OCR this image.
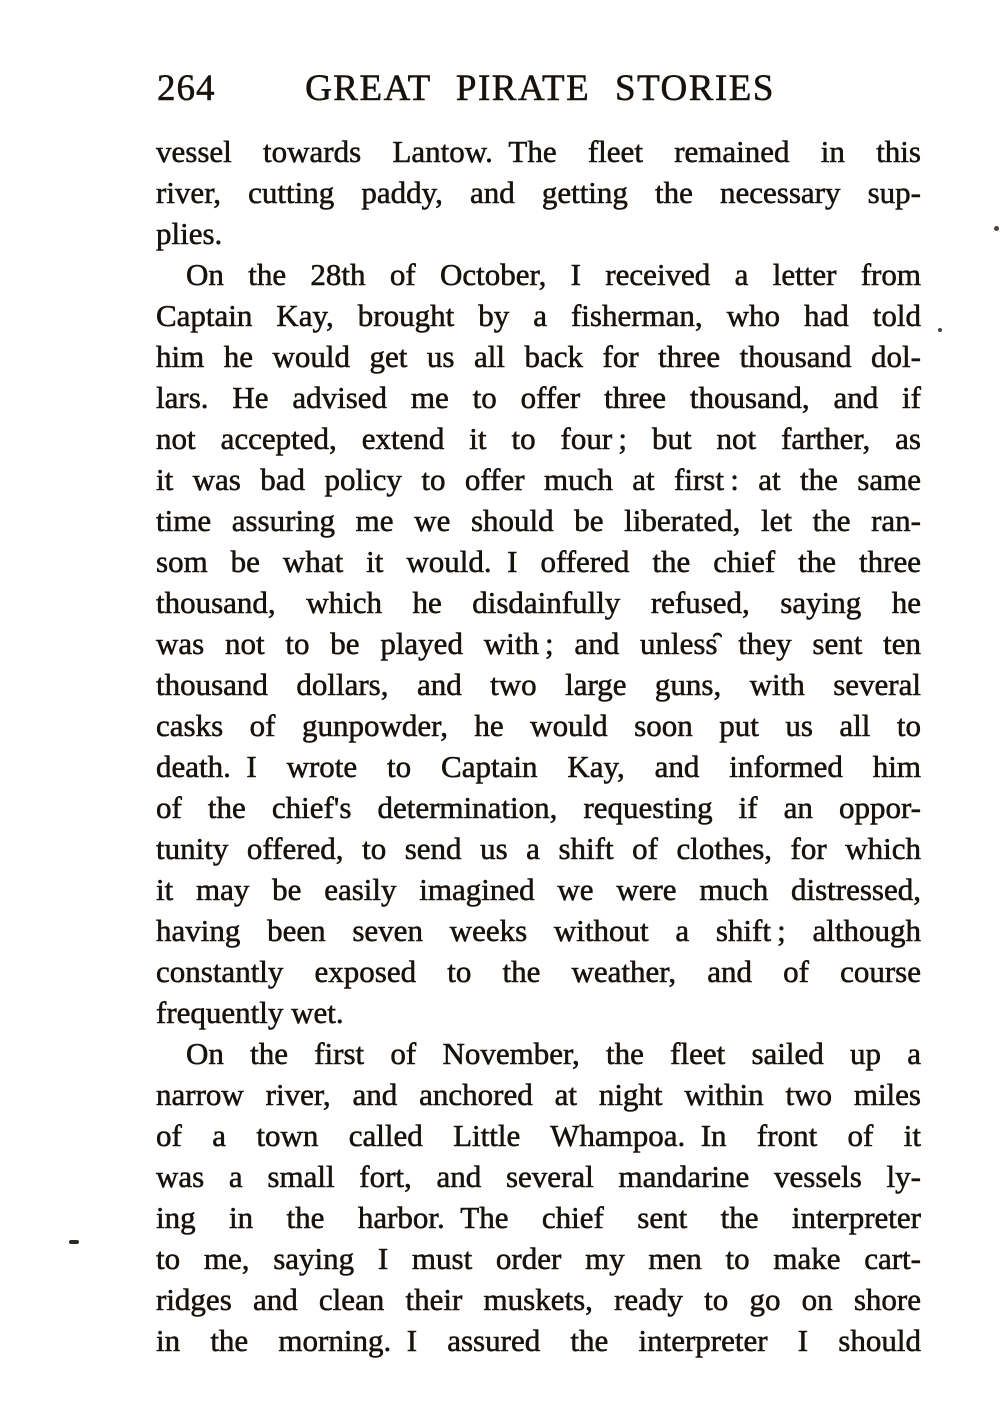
264 GREAT PIRATE STORIES
vessel towards Lantow. The fleet remained in this
river, cutting paddy, and getting the necessary sup-
plies.
On the 28th of October, I received a letter from
Captain Kay, brought by a fisherman, who had told
him he would get us all back for three thousand dol-
lars. He advised me to offer three thousand, and if
not accepted, extend it to four ; but not farther, as
it was bad policy to offer much at first : at the same
time assuring me we should be liberated, let the ran-
som be what it would. I offered the chief the three
thousand, which he disdainfully refused, saying he
was not to be played with ; and unless̑ they sent ten
thousand dollars, and two large guns, with several
casks of gunpowder, he would soon put us all to
death. I wrote to Captain Kay, and informed him
of the chief's determination, requesting if an oppor-
tunity offered, to send us a shift of clothes, for which
it may be easily imagined we were much distressed,
having been seven weeks without a shift ; although
constantly exposed to the weather, and of course
frequently wet.
On the first of November, the fleet sailed up a
narrow river, and anchored at night within two miles
of a town called Little Whampoa. In front of it
was a small fort, and several mandarine vessels ly-
ing in the harbor. The chief sent the interpreter
to me, saying I must order my men to make cart-
ridges and clean their muskets, ready to go on shore
in the morning. I assured the interpreter I should
